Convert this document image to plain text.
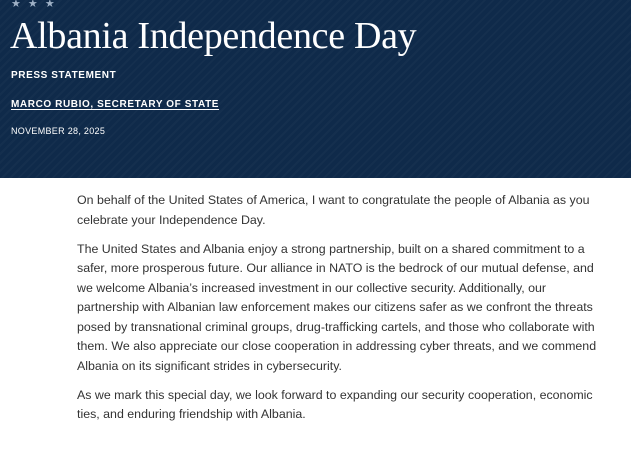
★ ★ ★
Albania Independence Day
PRESS STATEMENT
MARCO RUBIO, SECRETARY OF STATE
NOVEMBER 28, 2025

On behalf of the United States of America, I want to congratulate the people of Albania as you celebrate your Independence Day.

The United States and Albania enjoy a strong partnership, built on a shared commitment to a safer, more prosperous future. Our alliance in NATO is the bedrock of our mutual defense, and we welcome Albania’s increased investment in our collective security. Additionally, our partnership with Albanian law enforcement makes our citizens safer as we confront the threats posed by transnational criminal groups, drug-trafficking cartels, and those who collaborate with them. We also appreciate our close cooperation in addressing cyber threats, and we commend Albania on its significant strides in cybersecurity.

As we mark this special day, we look forward to expanding our security cooperation, economic ties, and enduring friendship with Albania.
